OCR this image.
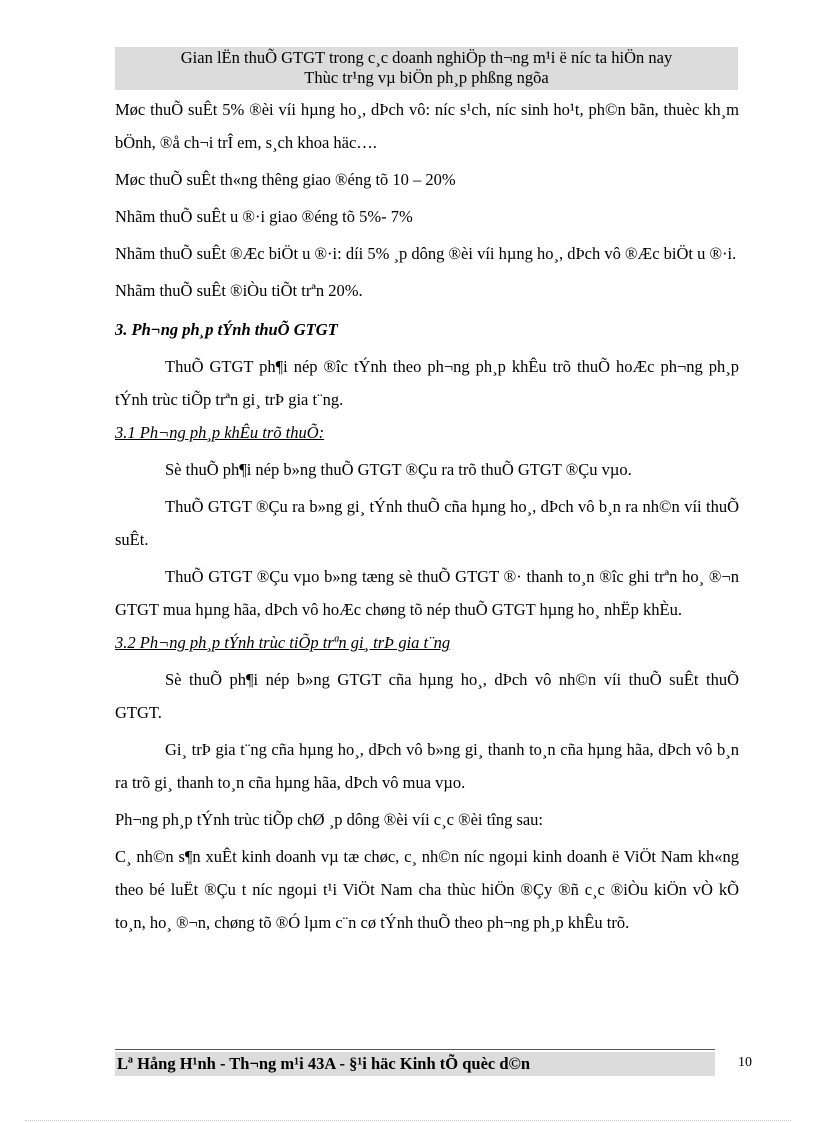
Gian lËn thuÕ GTGT trong c¸c doanh nghiÖp th¬ng m¹i ë níc ta hiÖn nay
Thùc tr¹ng vµ biÖn ph¸p phßng ngõa

Møc thuÕ suÊt 5% ®èi víi hµng ho¸, dÞch vô: níc s¹ch, níc sinh ho¹t, ph©n bãn, thuèc kh¸m bÖnh, ®å ch¬i trÎ em, s¸ch khoa häc….

Møc thuÕ suÊt th«ng thêng giao ®éng tõ 10 – 20%

Nhãm thuÕ suÊt u ®·i giao ®éng tõ 5%- 7%

Nhãm thuÕ suÊt ®Æc biÖt u ®·i: díi 5% ¸p dông ®èi víi hµng ho¸, dÞch vô ®Æc biÖt u ®·i.

Nhãm thuÕ suÊt ®iÒu tiÕt trªn 20%.

3. Ph¬ng ph¸p tÝnh thuÕ GTGT

ThuÕ GTGT ph¶i nép ®îc tÝnh theo ph¬ng ph¸p khÊu trõ thuÕ hoÆc ph¬ng ph¸p tÝnh trùc tiÕp trªn gi¸ trÞ gia t¨ng.

3.1 Ph¬ng ph¸p khÊu trõ thuÕ:

Sè thuÕ ph¶i nép b»ng thuÕ GTGT ®Çu ra trõ thuÕ GTGT ®Çu vµo.

ThuÕ GTGT ®Çu ra b»ng gi¸ tÝnh thuÕ cña hµng ho¸, dÞch vô b¸n ra nh©n víi thuÕ suÊt.

ThuÕ GTGT ®Çu vµo b»ng tæng sè thuÕ GTGT ®· thanh to¸n ®îc ghi trªn ho¸ ®¬n GTGT mua hµng hãa, dÞch vô hoÆc chøng tõ nép thuÕ GTGT hµng ho¸ nhËp khÈu.

3.2 Ph¬ng ph¸p tÝnh trùc tiÕp trªn gi¸ trÞ gia t¨ng

Sè thuÕ ph¶i nép b»ng GTGT cña hµng ho¸, dÞch vô nh©n víi thuÕ suÊt thuÕ GTGT.

Gi¸ trÞ gia t¨ng cña hµng ho¸, dÞch vô b»ng gi¸ thanh to¸n cña hµng hãa, dÞch vô b¸n ra trõ gi¸ thanh to¸n cña hµng hãa, dÞch vô mua vµo.

Ph¬ng ph¸p tÝnh trùc tiÕp chØ ¸p dông ®èi víi c¸c ®èi tîng sau:

C¸ nh©n s¶n xuÊt kinh doanh vµ tæ chøc, c¸ nh©n níc ngoµi kinh doanh ë ViÖt Nam kh«ng theo bé luËt ®Çu t níc ngoµi t¹i ViÖt Nam cha thùc hiÖn ®Çy ®ñ c¸c ®iÒu kiÖn vÒ kÕ to¸n, ho¸ ®¬n, chøng tõ ®Ó lµm c¨n cø tÝnh thuÕ theo ph¬ng ph¸p khÊu trõ.

Lª Hång H¹nh - Th¬ng m¹i 43A - §¹i häc Kinh tÕ quèc d©n	10
